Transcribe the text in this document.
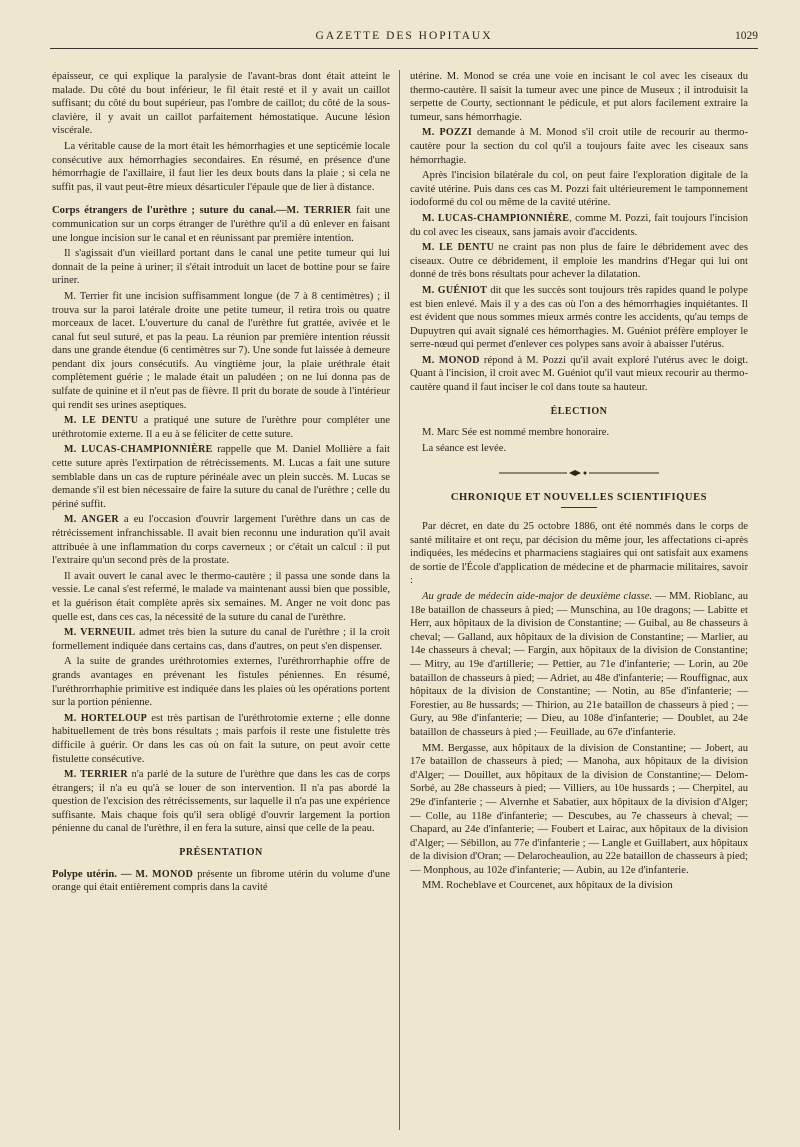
GAZETTE DES HOPITAUX	1029

épaisseur, ce qui explique la paralysie de l'avant-bras dont était atteint le malade. Du côté du bout inférieur, le fil était resté et il y avait un caillot suffisant; du côté du bout supérieur, pas l'ombre de caillot; du côté de la sous-clavière, il y avait un caillot parfaitement hémostatique. Aucune lésion viscérale.

La véritable cause de la mort était les hémorrhagies et une septicémie locale consécutive aux hémorrhagies secondaires. En résumé, en présence d'une hémorrhagie de l'axillaire, il faut lier les deux bouts dans la plaie ; si cela ne suffit pas, il vaut peut-être mieux désarticuler l'épaule que de lier à distance.

Corps étrangers de l'urèthre ; suture du canal.—M. TERRIER fait une communication sur un corps étranger de l'urèthre qu'il a dû enlever en faisant une longue incision sur le canal et en réunissant par première intention.

Il s'agissait d'un vieillard portant dans le canal une petite tumeur qui lui donnait de la peine à uriner; il s'était introduit un lacet de bottine pour se faire uriner.

M. Terrier fit une incision suffisamment longue (de 7 à 8 centimètres) ; il trouva sur la paroi latérale droite une petite tumeur, il retira trois ou quatre morceaux de lacet. L'ouverture du canal de l'urèthre fut grattée, avivée et le canal fut seul suturé, et pas la peau. La réunion par première intention réussit dans une grande étendue (6 centimètres sur 7). Une sonde fut laissée à demeure pendant dix jours consécutifs. Au vingtième jour, la plaie uréthrale était complètement guérie ; le malade était un paludéen ; on ne lui donna pas de sulfate de quinine et il n'eut pas de fièvre. Il prit du borate de soude à l'intérieur qui rendit ses urines aseptiques.

M. LE DENTU a pratiqué une suture de l'urèthre pour compléter une uréthrotomie externe. Il a eu à se féliciter de cette suture.

M. LUCAS-CHAMPIONNIÈRE rappelle que M. Daniel Mollière a fait cette suture après l'extirpation de rétrécissements. M. Lucas a fait une suture semblable dans un cas de rupture périnéale avec un plein succès. M. Lucas se demande s'il est bien nécessaire de faire la suture du canal de l'urèthre ; celle du périné suffit.

M. ANGER a eu l'occasion d'ouvrir largement l'urèthre dans un cas de rétrécissement infranchissable. Il avait bien reconnu une induration qu'il avait attribuée à une inflammation du corps caverneux ; or c'était un calcul : il put l'extraire qu'un second près de la prostate.

Il avait ouvert le canal avec le thermo-cautère ; il passa une sonde dans la vessie. Le canal s'est refermé, le malade va maintenant aussi bien que possible, et la guérison était complète après six semaines. M. Anger ne voit donc pas quelle est, dans ces cas, la nécessité de la suture du canal de l'urèthre.

M. VERNEUIL admet très bien la suture du canal de l'urèthre ; il la croit formellement indiquée dans certains cas, dans d'autres, on peut s'en dispenser.

A la suite de grandes uréthrotomies externes, l'uréthrorrhaphie offre de grands avantages en prévenant les fistules péniennes. En résumé, l'uréthrorrhaphie primitive est indiquée dans les plaies où les opérations portent sur la portion pénienne.

M. HORTELOUP est très partisan de l'uréthrotomie externe ; elle donne habituellement de très bons résultats ; mais parfois il reste une fistulette très difficile à guérir. Or dans les cas où on fait la suture, on peut avoir cette fistulette consécutive.

M. TERRIER n'a parlé de la suture de l'urèthre que dans les cas de corps étrangers; il n'a eu qu'à se louer de son intervention. Il n'a pas abordé la question de l'excision des rétrécissements, sur laquelle il n'a pas une expérience suffisante. Mais chaque fois qu'il sera obligé d'ouvrir largement la portion pénienne du canal de l'urèthre, il en fera la suture, ainsi que celle de la peau.

PRÉSENTATION

Polype utérin. — M. MONOD présente un fibrome utérin du volume d'une orange qui était entièrement compris dans la cavité

utérine. M. Monod se créa une voie en incisant le col avec les ciseaux du thermo-cautère. Il saisit la tumeur avec une pince de Museux ; il introduisit la serpette de Courty, sectionnant le pédicule, et put alors facilement extraire la tumeur, sans hémorrhagie.

M. POZZI demande à M. Monod s'il croit utile de recourir au thermo-cautère pour la section du col qu'il a toujours faite avec les ciseaux sans hémorrhagie.

Après l'incision bilatérale du col, on peut faire l'exploration digitale de la cavité utérine. Puis dans ces cas M. Pozzi fait ultérieurement le tamponnement iodoformé du col ou même de la cavité utérine.

M. LUCAS-CHAMPIONNIÈRE, comme M. Pozzi, fait toujours l'incision du col avec les ciseaux, sans jamais avoir d'accidents.

M. LE DENTU ne craint pas non plus de faire le débridement avec des ciseaux. Outre ce débridement, il emploie les mandrins d'Hegar qui lui ont donné de très bons résultats pour achever la dilatation.

M. GUÉNIOT dit que les succès sont toujours très rapides quand le polype est bien enlevé. Mais il y a des cas où l'on a des hémorrhagies inquiétantes. Il est évident que nous sommes mieux armés contre les accidents, qu'au temps de Dupuytren qui avait signalé ces hémorrhagies. M. Guéniot préfère employer le serre-nœud qui permet d'enlever ces polypes sans avoir à abaisser l'utérus.

M. MONOD répond à M. Pozzi qu'il avait exploré l'utérus avec le doigt. Quant à l'incision, il croit avec M. Guéniot qu'il vaut mieux recourir au thermo-cautère quand il faut inciser le col dans toute sa hauteur.

ÉLECTION

M. Marc Sée est nommé membre honoraire.

La séance est levée.

CHRONIQUE ET NOUVELLES SCIENTIFIQUES

Par décret, en date du 25 octobre 1886, ont été nommés dans le corps de santé militaire et ont reçu, par décision du même jour, les affectations ci-après indiquées, les médecins et pharmaciens stagiaires qui ont satisfait aux examens de sortie de l'École d'application de médecine et de pharmacie militaires, savoir :

Au grade de médecin aide-major de deuxième classe. — MM. Rioblanc, au 18e bataillon de chasseurs à pied; — Munschina, au 10e dragons; — Labitte et Herr, aux hôpitaux de la division de Constantine; — Guibal, au 8e chasseurs à cheval; — Galland, aux hôpitaux de la division de Constantine; — Marlier, au 14e chasseurs à cheval; — Fargin, aux hôpitaux de la division de Constantine; — Mitry, au 19e d'artillerie; — Pettier, au 71e d'infanterie; — Lorin, au 20e bataillon de chasseurs à pied; — Adriet, au 48e d'infanterie; — Rouffignac, aux hôpitaux de la division de Constantine; — Notin, au 85e d'infanterie; — Forestier, au 8e hussards; — Thirion, au 21e bataillon de chasseurs à pied ; — Gury, au 98e d'infanterie; — Dieu, au 108e d'infanterie; — Doublet, au 24e bataillon de chasseurs à pied ;— Feuillade, au 67e d'infanterie.

MM. Bergasse, aux hôpitaux de la division de Constantine; — Jobert, au 17e bataillon de chasseurs à pied; — Manoha, aux hôpitaux de la division d'Alger; — Douillet, aux hôpitaux de la division de Constantine;— Delom-Sorbé, au 28e chasseurs à pied; — Villiers, au 10e hussards ; — Cherpitel, au 29e d'infanterie ; — Alvernhe et Sabatier, aux hôpitaux de la division d'Alger; — Colle, au 118e d'infanterie; — Descubes, au 7e chasseurs à cheval; — Chapard, au 24e d'infanterie; — Foubert et Lairac, aux hôpitaux de la division d'Alger; — Sébillon, au 77e d'infanterie ; — Langle et Guillabert, aux hôpitaux de la division d'Oran; — Delarocheaulion, au 22e bataillon de chasseurs à pied; — Monphous, au 102e d'infanterie; — Aubin, au 12e d'infanterie.

MM. Rocheblave et Courcenet, aux hôpitaux de la division
